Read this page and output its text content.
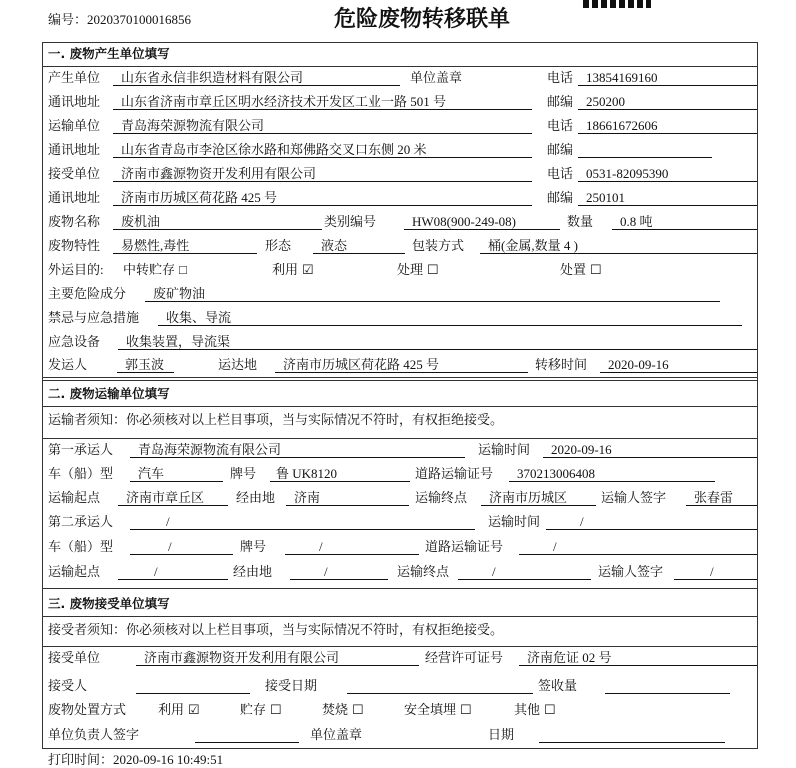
编号：2020370100016856	危险废物转移联单
一. 废物产生单位填写
产生单位	山东省永信非织造材料有限公司	单位盖章	电话 13854169160
通讯地址	山东省济南市章丘区明水经济技术开发区工业一路 501 号	邮编 250200
运输单位	青岛海荣源物流有限公司	电话 18661672606
通讯地址	山东省青岛市李沧区徐水路和郑佛路交叉口东侧 20 米	邮编
接受单位	济南市鑫源物资开发利用有限公司	电话 0531-82095390
通讯地址	济南市历城区荷花路 425 号	邮编 250101
废物名称	废机油	类别编号	HW08(900-249-08)	数量	0.8 吨
废物特性	易燃性,毒性	形态	液态	包装方式	桶(金属,数量 4 )
外运目的: 中转贮存 □	利用 ☑	处理 ☐	处置 ☐
主要危险成分	废矿物油
禁忌与应急措施	收集、导流
应急设备	收集装置，导流渠
发运人	郭玉波	运达地	济南市历城区荷花路 425 号	转移时间	2020-09-16
二. 废物运输单位填写
运输者须知：你必须核对以上栏目事项，当与实际情况不符时，有权拒绝接受。
第一承运人	青岛海荣源物流有限公司	运输时间	2020-09-16
车（船）型	汽车	牌号	鲁 UK8120	道路运输证号	370213006408
运输起点	济南市章丘区	经由地	济南	运输终点	济南市历城区	运输人签字	张春雷
第二承运人	/	运输时间	/
车（船）型	/	牌号	/	道路运输证号	/
运输起点	/	经由地	/	运输终点	/	运输人签字	/
三. 废物接受单位填写
接受者须知：你必须核对以上栏目事项，当与实际情况不符时，有权拒绝接受。
接受单位	济南市鑫源物资开发利用有限公司	经营许可证号	济南危证 02 号
接受人	接受日期	签收量
废物处置方式 利用 ☑	贮存 ☐	焚烧 ☐	安全填埋 ☐	其他 ☐
单位负责人签字	单位盖章	日期
打印时间：2020-09-16 10:49:51
